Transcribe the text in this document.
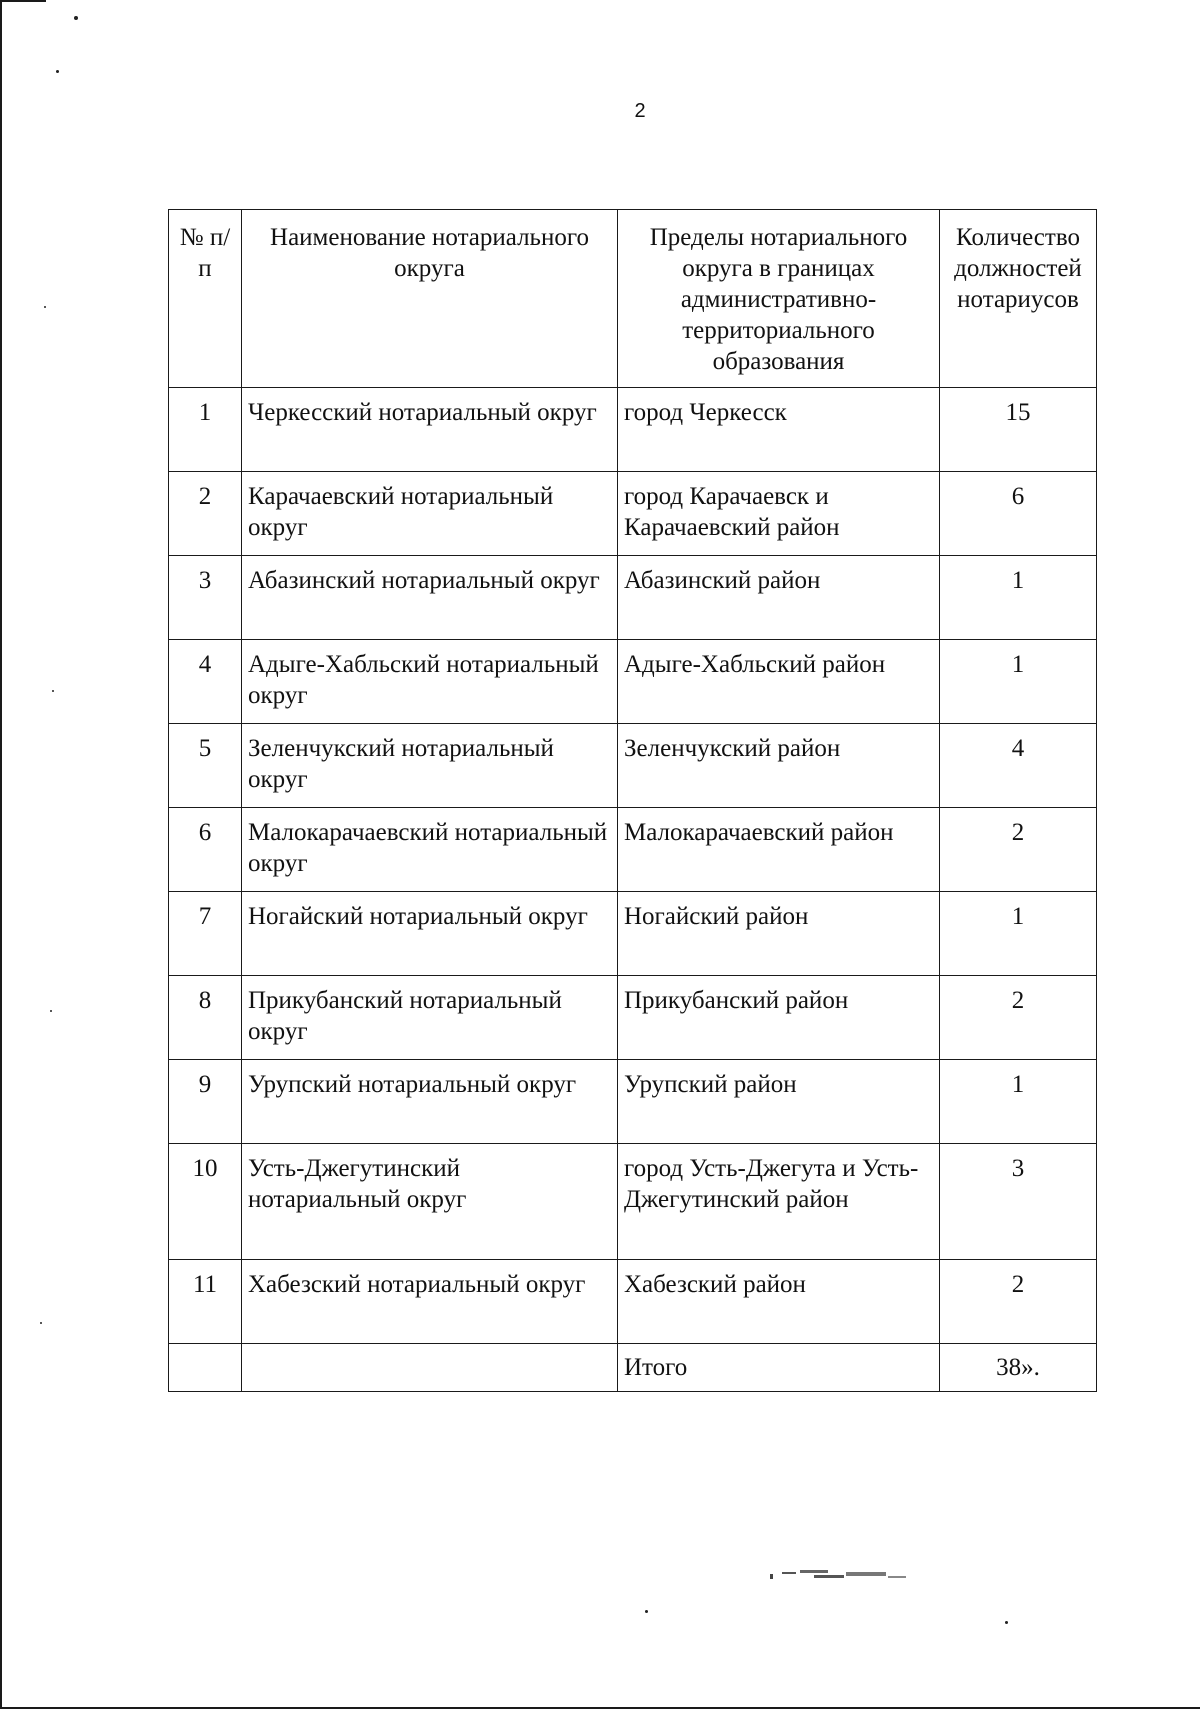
2
№ п/п	Наименование нотариального округа	Пределы нотариального округа в границах административно-территориального образования	Количество должностей нотариусов
1	Черкесский нотариальный округ	город Черкесск	15
2	Карачаевский нотариальный округ	город Карачаевск и Карачаевский район	6
3	Абазинский нотариальный округ	Абазинский район	1
4	Адыге-Хабльский нотариальный округ	Адыге-Хабльский район	1
5	Зеленчукский нотариальный округ	Зеленчукский район	4
6	Малокарачаевский нотариальный округ	Малокарачаевский район	2
7	Ногайский нотариальный округ	Ногайский район	1
8	Прикубанский нотариальный округ	Прикубанский район	2
9	Урупский нотариальный округ	Урупский район	1
10	Усть-Джегутинский нотариальный округ	город Усть-Джегута и Усть-Джегутинский район	3
11	Хабезский нотариальный округ	Хабезский район	2
		Итого	38».
